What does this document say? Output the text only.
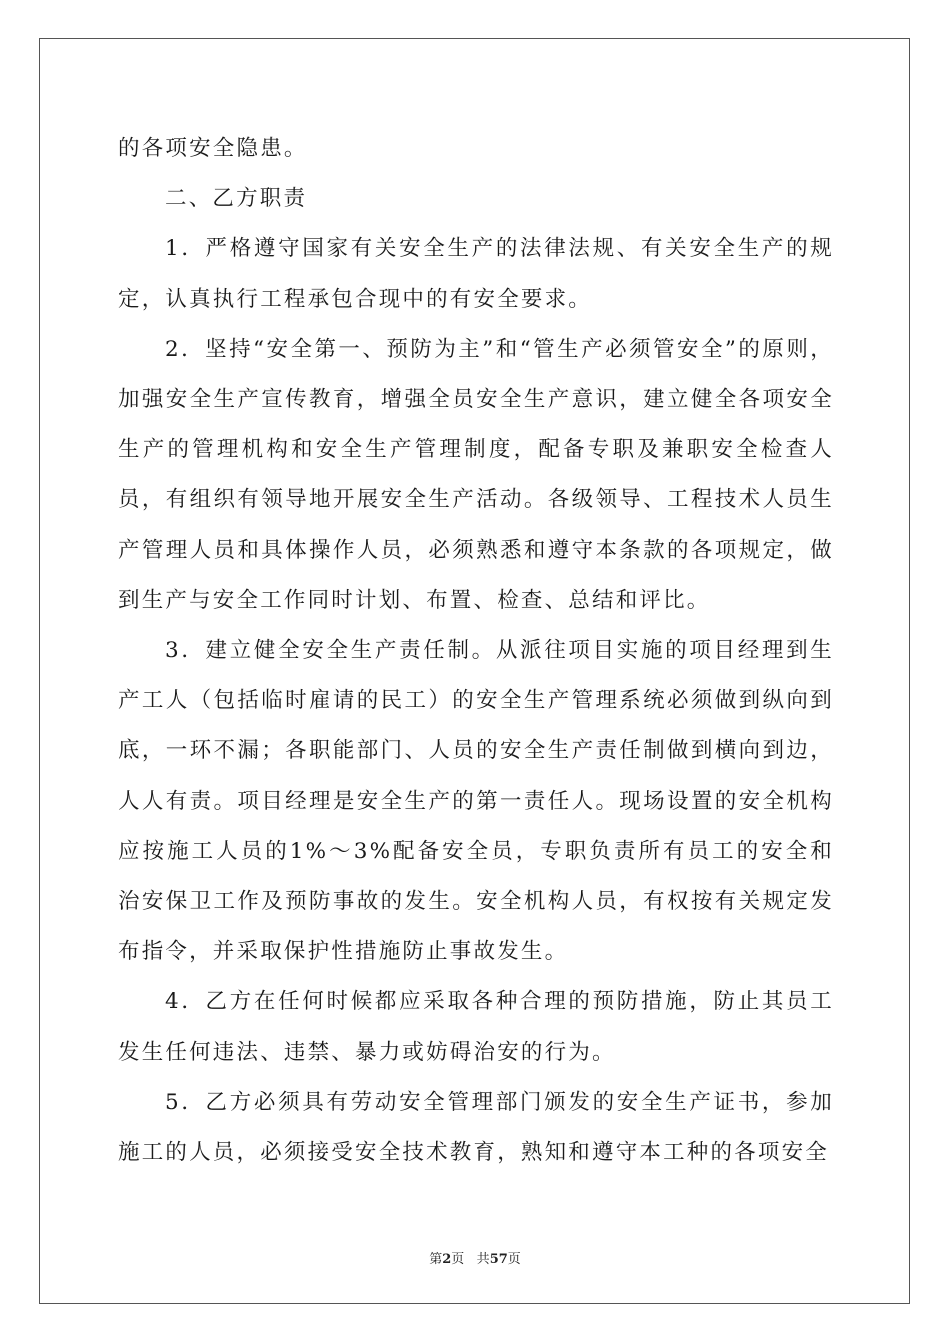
的各项安全隐患。

二、乙方职责

1．严格遵守国家有关安全生产的法律法规、有关安全生产的规定，认真执行工程承包合现中的有安全要求。

2．坚持“安全第一、预防为主”和“管生产必须管安全”的原则，加强安全生产宣传教育，增强全员安全生产意识，建立健全各项安全生产的管理机构和安全生产管理制度，配备专职及兼职安全检查人员，有组织有领导地开展安全生产活动。各级领导、工程技术人员生产管理人员和具体操作人员，必须熟悉和遵守本条款的各项规定，做到生产与安全工作同时计划、布置、检查、总结和评比。

3．建立健全安全生产责任制。从派往项目实施的项目经理到生产工人（包括临时雇请的民工）的安全生产管理系统必须做到纵向到底，一环不漏；各职能部门、人员的安全生产责任制做到横向到边，人人有责。项目经理是安全生产的第一责任人。现场设置的安全机构应按施工人员的1%～3%配备安全员，专职负责所有员工的安全和治安保卫工作及预防事故的发生。安全机构人员，有权按有关规定发布指令，并采取保护性措施防止事故发生。

4．乙方在任何时候都应采取各种合理的预防措施，防止其员工发生任何违法、违禁、暴力或妨碍治安的行为。

5．乙方必须具有劳动安全管理部门颁发的安全生产证书，参加施工的人员，必须接受安全技术教育，熟知和遵守本工种的各项安全

第2页 共57页
